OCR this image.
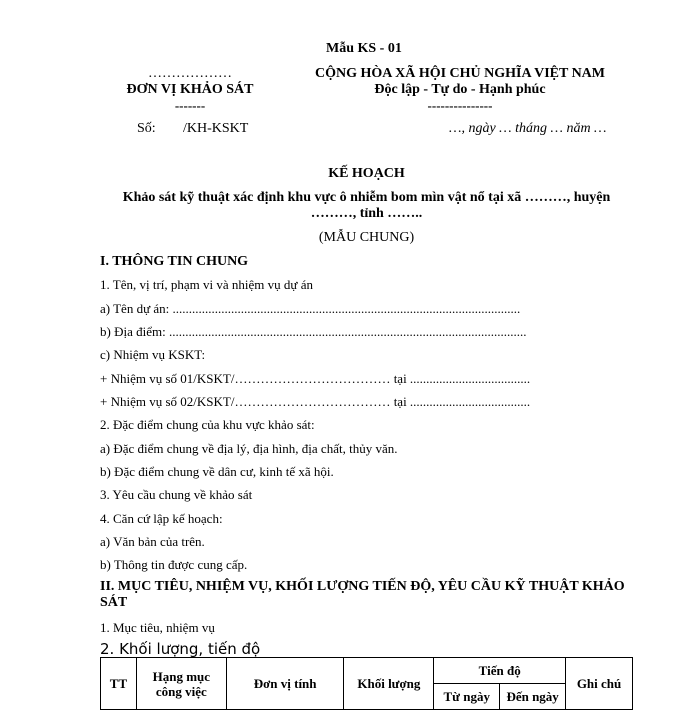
Mẫu KS - 01
………………
ĐƠN VỊ KHẢO SÁT
-------
CỘNG HÒA XÃ HỘI CHỦ NGHĨA VIỆT NAM
Độc lập - Tự do - Hạnh phúc
---------------
Số: /KH-KSKT	…, ngày … tháng … năm …
KẾ HOẠCH
Khảo sát kỹ thuật xác định khu vực ô nhiễm bom mìn vật nổ tại xã ………, huyện
………, tỉnh ……..
(MẪU CHUNG)
I. THÔNG TIN CHUNG
1. Tên, vị trí, phạm vi và nhiệm vụ dự án
a) Tên dự án: ...........................................................................................................
b) Địa điểm: ..............................................................................................................
c) Nhiệm vụ KSKT:
+ Nhiệm vụ số 01/KSKT/……………………………… tại .....................................
+ Nhiệm vụ số 02/KSKT/……………………………… tại .....................................
2. Đặc điểm chung của khu vực khảo sát:
a) Đặc điểm chung về địa lý, địa hình, địa chất, thủy văn.
b) Đặc điểm chung về dân cư, kinh tế xã hội.
3. Yêu cầu chung về khảo sát
4. Căn cứ lập kế hoạch:
a) Văn bản của trên.
b) Thông tin được cung cấp.
II. MỤC TIÊU, NHIỆM VỤ, KHỐI LƯỢNG TIẾN ĐỘ, YÊU CẦU KỸ THUẬT KHẢO
SÁT
1. Mục tiêu, nhiệm vụ
2. Khối lượng, tiến độ
TT	Hạng mục công việc	Đơn vị tính	Khối lượng	Tiến độ		Ghi chú
				Từ ngày	Đến ngày	
